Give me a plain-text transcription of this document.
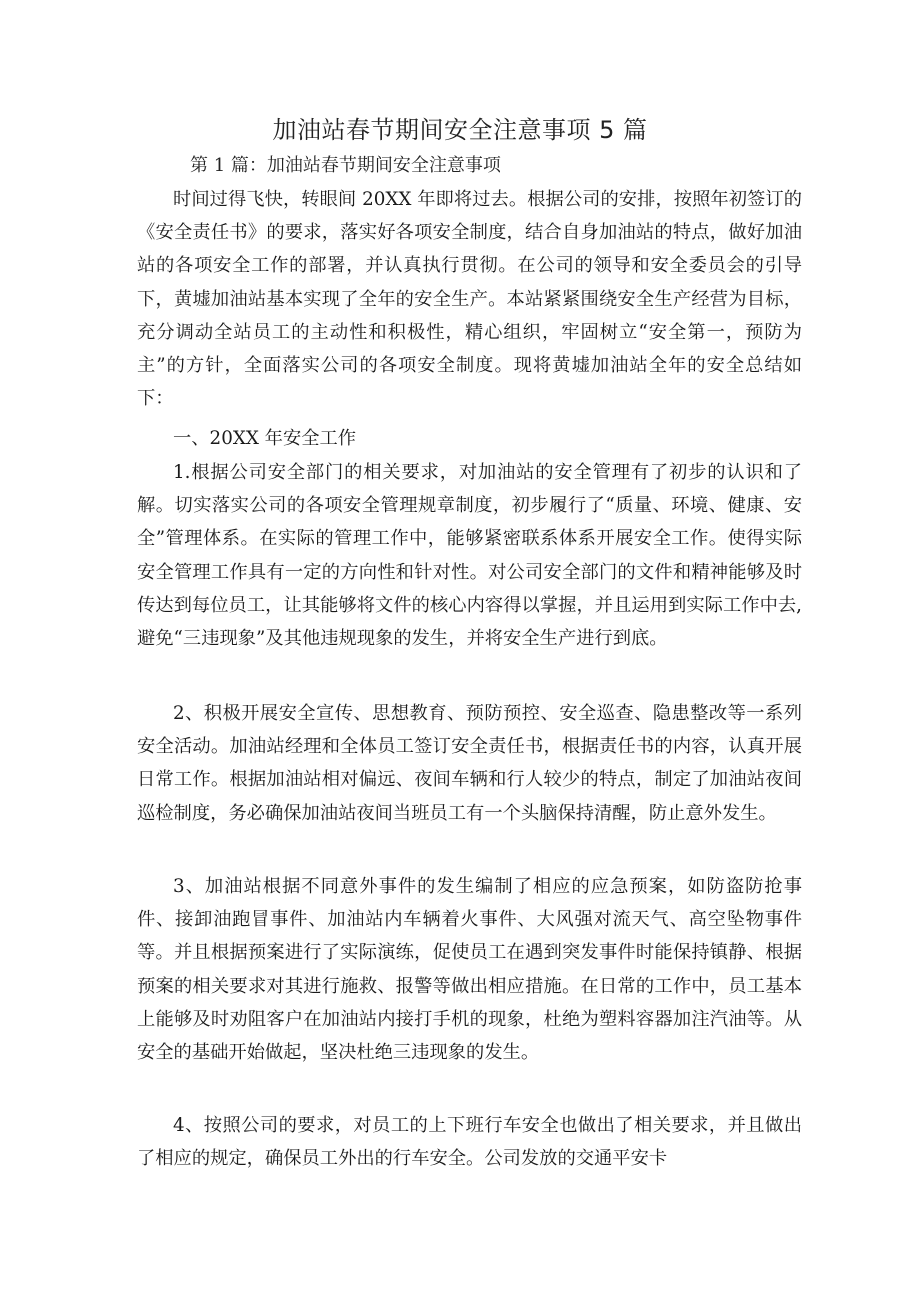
加油站春节期间安全注意事项 5 篇
第 1 篇：加油站春节期间安全注意事项

时间过得飞快，转眼间 20XX 年即将过去。根据公司的安排，按照年初签订的《安全责任书》的要求，落实好各项安全制度，结合自身加油站的特点，做好加油站的各项安全工作的部署，并认真执行贯彻。在公司的领导和安全委员会的引导下，黄墟加油站基本实现了全年的安全生产。本站紧紧围绕安全生产经营为目标，充分调动全站员工的主动性和积极性，精心组织，牢固树立“安全第一，预防为主”的方针，全面落实公司的各项安全制度。现将黄墟加油站全年的安全总结如下：

一、20XX 年安全工作

1.根据公司安全部门的相关要求，对加油站的安全管理有了初步的认识和了解。切实落实公司的各项安全管理规章制度，初步履行了“质量、环境、健康、安全”管理体系。在实际的管理工作中，能够紧密联系体系开展安全工作。使得实际安全管理工作具有一定的方向性和针对性。对公司安全部门的文件和精神能够及时传达到每位员工，让其能够将文件的核心内容得以掌握，并且运用到实际工作中去,避免“三违现象”及其他违规现象的发生，并将安全生产进行到底。

2、积极开展安全宣传、思想教育、预防预控、安全巡查、隐患整改等一系列安全活动。加油站经理和全体员工签订安全责任书，根据责任书的内容，认真开展日常工作。根据加油站相对偏远、夜间车辆和行人较少的特点，制定了加油站夜间巡检制度，务必确保加油站夜间当班员工有一个头脑保持清醒，防止意外发生。

3、加油站根据不同意外事件的发生编制了相应的应急预案，如防盗防抢事件、接卸油跑冒事件、加油站内车辆着火事件、大风强对流天气、高空坠物事件等。并且根据预案进行了实际演练，促使员工在遇到突发事件时能保持镇静、根据预案的相关要求对其进行施救、报警等做出相应措施。在日常的工作中，员工基本上能够及时劝阻客户在加油站内接打手机的现象，杜绝为塑料容器加注汽油等。从安全的基础开始做起，坚决杜绝三违现象的发生。

4、按照公司的要求，对员工的上下班行车安全也做出了相关要求，并且做出了相应的规定，确保员工外出的行车安全。公司发放的交通平安卡
